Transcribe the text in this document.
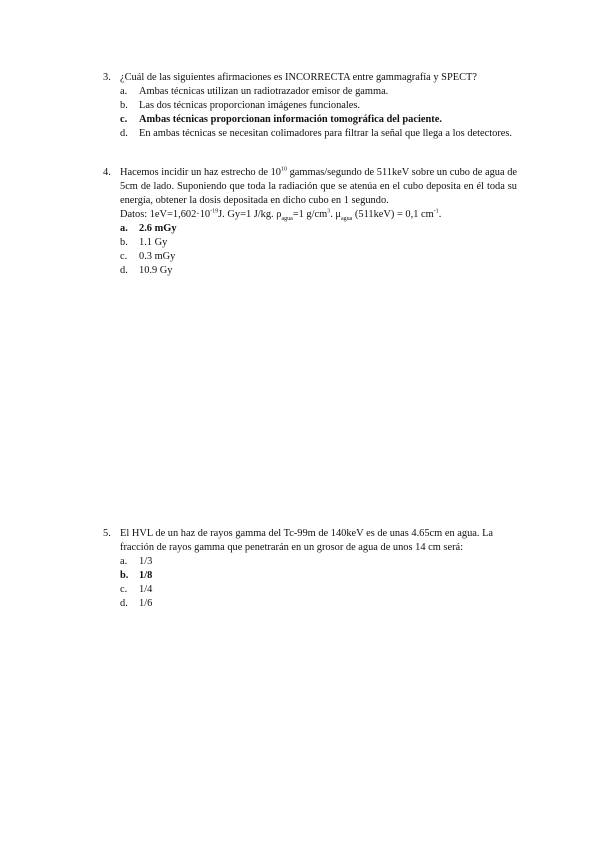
3. ¿Cuál de las siguientes afirmaciones es INCORRECTA entre gammagrafía y SPECT?
a. Ambas técnicas utilizan un radiotrazador emisor de gamma.
b. Las dos técnicas proporcionan imágenes funcionales.
c. Ambas técnicas proporcionan información tomográfica del paciente.
d. En ambas técnicas se necesitan colimadores para filtrar la señal que llega a los detectores.
4. Hacemos incidir un haz estrecho de $10^{10}$ gammas/segundo de 511keV sobre un cubo de agua de 5cm de lado. Suponiendo que toda la radiación que se atenúa en el cubo deposita en él toda su energía, obtener la dosis depositada en dicho cubo en 1 segundo.
Datos: $1eV=1,602\cdot 10^{-19}J$. Gy=1 J/kg. $\rho_{agua}=1$ $g/cm^3$. $\mu_{agua}$ (511keV) = 0,1 $cm^{-1}$.
a. 2.6 mGy
b. 1.1 Gy
c. 0.3 mGy
d. 10.9 Gy
5. El HVL de un haz de rayos gamma del Tc-99m de 140keV es de unas 4.65cm en agua. La fracción de rayos gamma que penetrarán en un grosor de agua de unos 14 cm será:
a. 1/3
b. 1/8
c. 1/4
d. 1/6
